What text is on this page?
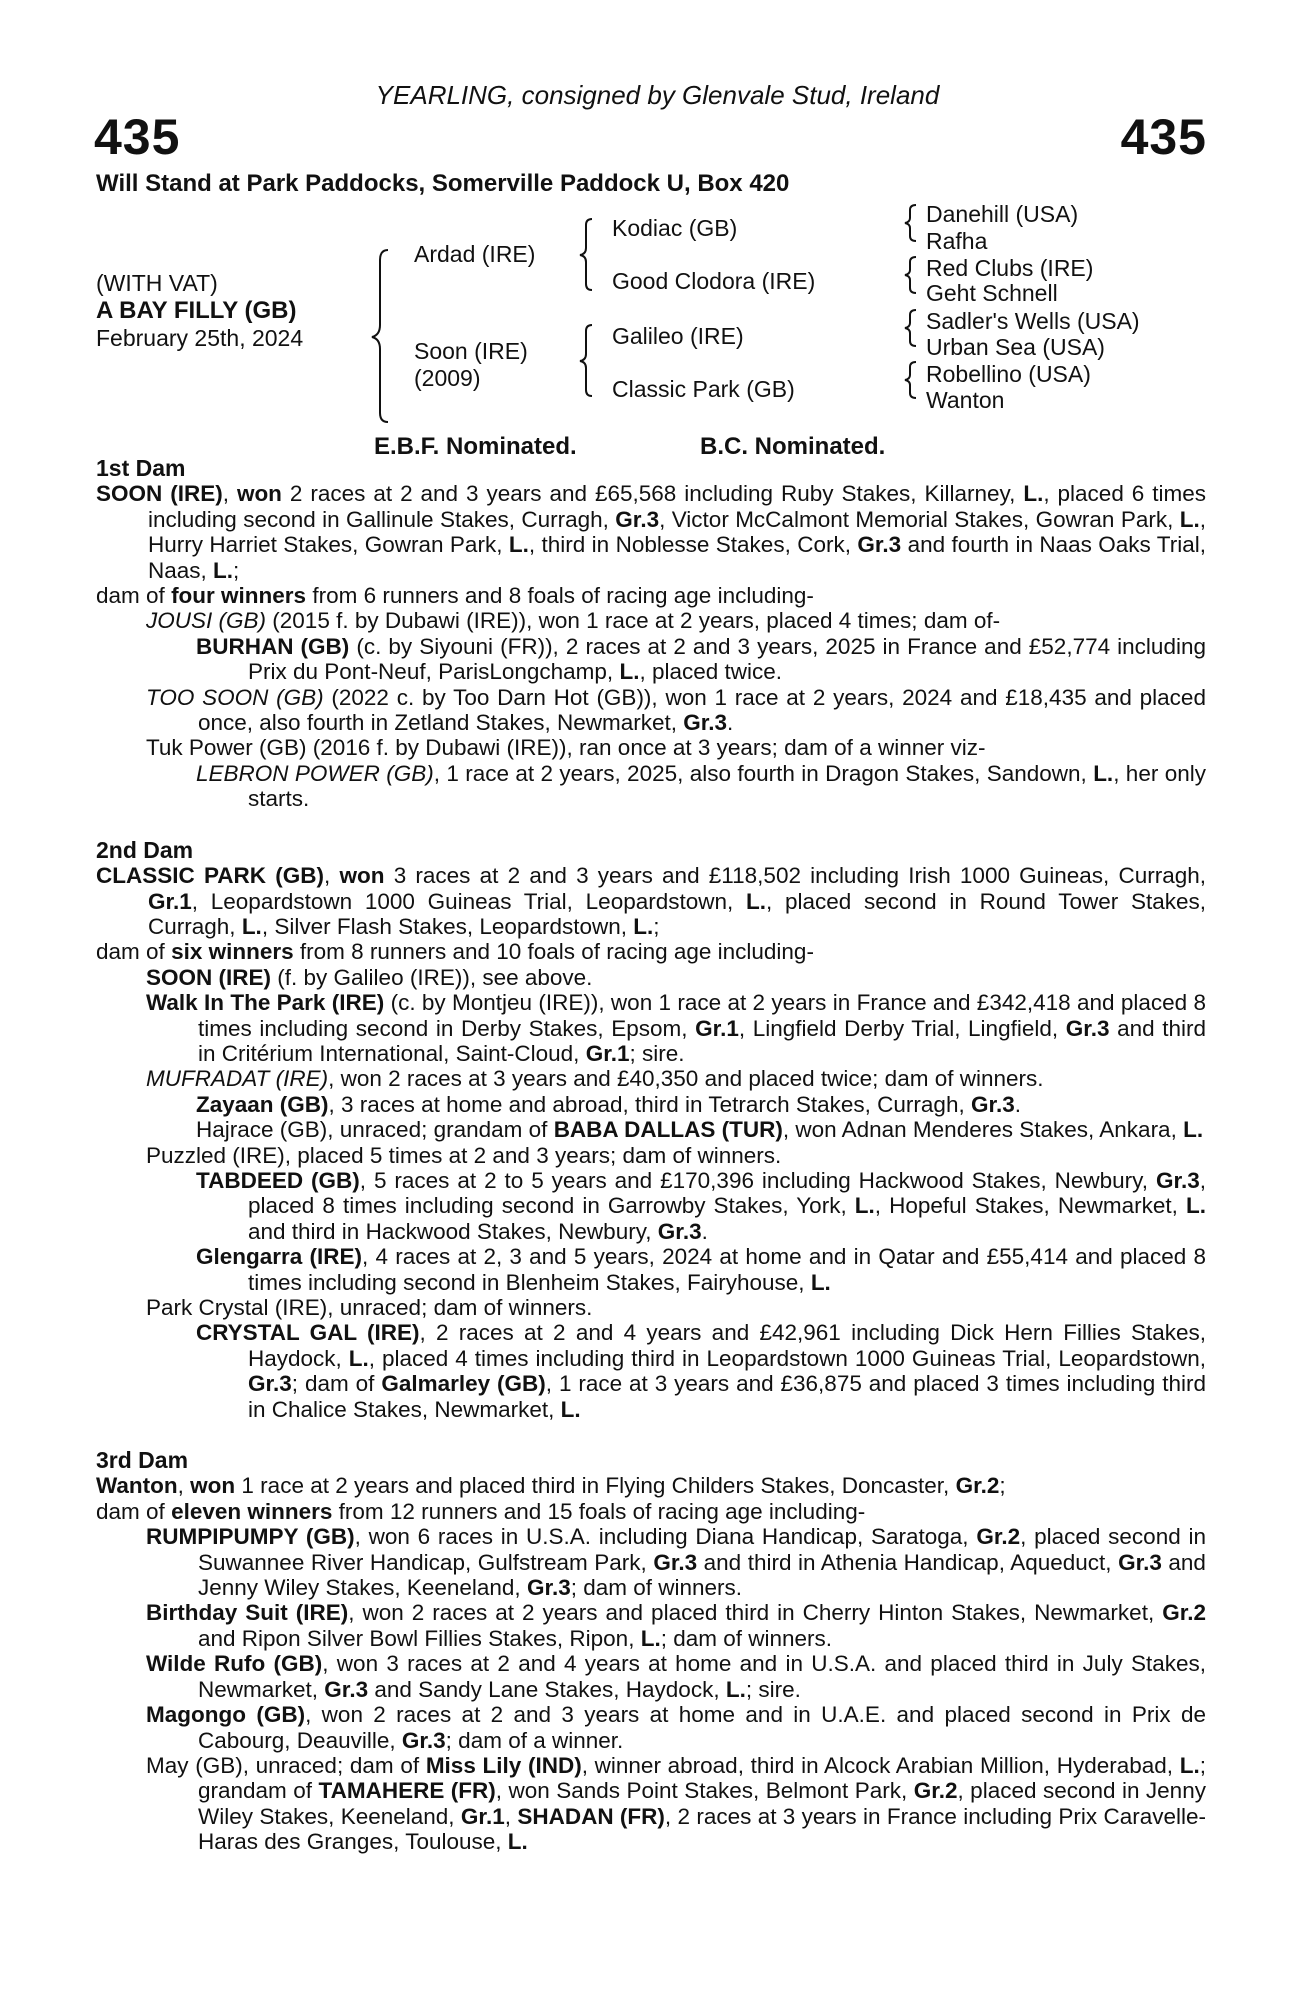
YEARLING, consigned by Glenvale Stud, Ireland
435	435
Will Stand at Park Paddocks, Somerville Paddock U, Box 420
(WITH VAT)
A BAY FILLY (GB)
February 25th, 2024
Ardad (IRE)
Soon (IRE)
(2009)
Kodiac (GB)
Good Clodora (IRE)
Galileo (IRE)
Classic Park (GB)
Danehill (USA)
Rafha
Red Clubs (IRE)
Geht Schnell
Sadler's Wells (USA)
Urban Sea (USA)
Robellino (USA)
Wanton
E.B.F. Nominated.	B.C. Nominated.

1st Dam

SOON (IRE), won 2 races at 2 and 3 years and £65,568 including Ruby Stakes, Killarney, L., placed 6 times including second in Gallinule Stakes, Curragh, Gr.3, Victor McCalmont Memorial Stakes, Gowran Park, L., Hurry Harriet Stakes, Gowran Park, L., third in Noblesse Stakes, Cork, Gr.3 and fourth in Naas Oaks Trial, Naas, L.;

dam of four winners from 6 runners and 8 foals of racing age including-

JOUSI (GB) (2015 f. by Dubawi (IRE)), won 1 race at 2 years, placed 4 times; dam of-

BURHAN (GB) (c. by Siyouni (FR)), 2 races at 2 and 3 years, 2025 in France and £52,774 including Prix du Pont-Neuf, ParisLongchamp, L., placed twice.

TOO SOON (GB) (2022 c. by Too Darn Hot (GB)), won 1 race at 2 years, 2024 and £18,435 and placed once, also fourth in Zetland Stakes, Newmarket, Gr.3.

Tuk Power (GB) (2016 f. by Dubawi (IRE)), ran once at 3 years; dam of a winner viz-

LEBRON POWER (GB), 1 race at 2 years, 2025, also fourth in Dragon Stakes, Sandown, L., her only starts.

2nd Dam

CLASSIC PARK (GB), won 3 races at 2 and 3 years and £118,502 including Irish 1000 Guineas, Curragh, Gr.1, Leopardstown 1000 Guineas Trial, Leopardstown, L., placed second in Round Tower Stakes, Curragh, L., Silver Flash Stakes, Leopardstown, L.;

dam of six winners from 8 runners and 10 foals of racing age including-

SOON (IRE) (f. by Galileo (IRE)), see above.

Walk In The Park (IRE) (c. by Montjeu (IRE)), won 1 race at 2 years in France and £342,418 and placed 8 times including second in Derby Stakes, Epsom, Gr.1, Lingfield Derby Trial, Lingfield, Gr.3 and third in Critérium International, Saint-Cloud, Gr.1; sire.

MUFRADAT (IRE), won 2 races at 3 years and £40,350 and placed twice; dam of winners.

Zayaan (GB), 3 races at home and abroad, third in Tetrarch Stakes, Curragh, Gr.3.

Hajrace (GB), unraced; grandam of BABA DALLAS (TUR), won Adnan Menderes Stakes, Ankara, L.

Puzzled (IRE), placed 5 times at 2 and 3 years; dam of winners.

TABDEED (GB), 5 races at 2 to 5 years and £170,396 including Hackwood Stakes, Newbury, Gr.3, placed 8 times including second in Garrowby Stakes, York, L., Hopeful Stakes, Newmarket, L. and third in Hackwood Stakes, Newbury, Gr.3.

Glengarra (IRE), 4 races at 2, 3 and 5 years, 2024 at home and in Qatar and £55,414 and placed 8 times including second in Blenheim Stakes, Fairyhouse, L.

Park Crystal (IRE), unraced; dam of winners.

CRYSTAL GAL (IRE), 2 races at 2 and 4 years and £42,961 including Dick Hern Fillies Stakes, Haydock, L., placed 4 times including third in Leopardstown 1000 Guineas Trial, Leopardstown, Gr.3; dam of Galmarley (GB), 1 race at 3 years and £36,875 and placed 3 times including third in Chalice Stakes, Newmarket, L.

3rd Dam

Wanton, won 1 race at 2 years and placed third in Flying Childers Stakes, Doncaster, Gr.2;

dam of eleven winners from 12 runners and 15 foals of racing age including-

RUMPIPUMPY (GB), won 6 races in U.S.A. including Diana Handicap, Saratoga, Gr.2, placed second in Suwannee River Handicap, Gulfstream Park, Gr.3 and third in Athenia Handicap, Aqueduct, Gr.3 and Jenny Wiley Stakes, Keeneland, Gr.3; dam of winners.

Birthday Suit (IRE), won 2 races at 2 years and placed third in Cherry Hinton Stakes, Newmarket, Gr.2 and Ripon Silver Bowl Fillies Stakes, Ripon, L.; dam of winners.

Wilde Rufo (GB), won 3 races at 2 and 4 years at home and in U.S.A. and placed third in July Stakes, Newmarket, Gr.3 and Sandy Lane Stakes, Haydock, L.; sire.

Magongo (GB), won 2 races at 2 and 3 years at home and in U.A.E. and placed second in Prix de Cabourg, Deauville, Gr.3; dam of a winner.

May (GB), unraced; dam of Miss Lily (IND), winner abroad, third in Alcock Arabian Million, Hyderabad, L.; grandam of TAMAHERE (FR), won Sands Point Stakes, Belmont Park, Gr.2, placed second in Jenny Wiley Stakes, Keeneland, Gr.1, SHADAN (FR), 2 races at 3 years in France including Prix Caravelle-Haras des Granges, Toulouse, L.
